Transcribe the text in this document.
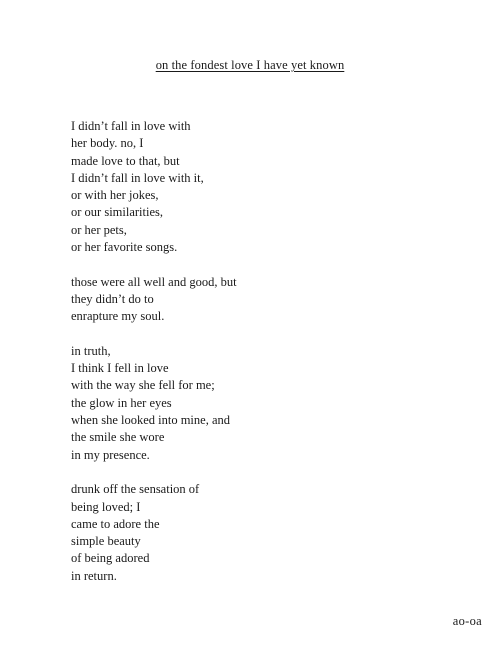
on the fondest love I have yet known
I didn’t fall in love with
her body. no, I
made love to that, but
I didn’t fall in love with it,
or with her jokes,
or our similarities,
or her pets,
or her favorite songs.
those were all well and good, but
they didn’t do to
enrapture my soul.
in truth,
I think I fell in love
with the way she fell for me;
the glow in her eyes
when she looked into mine, and
the smile she wore
in my presence.
drunk off the sensation of
being loved; I
came to adore the
simple beauty
of being adored
in return.
ao-oa
